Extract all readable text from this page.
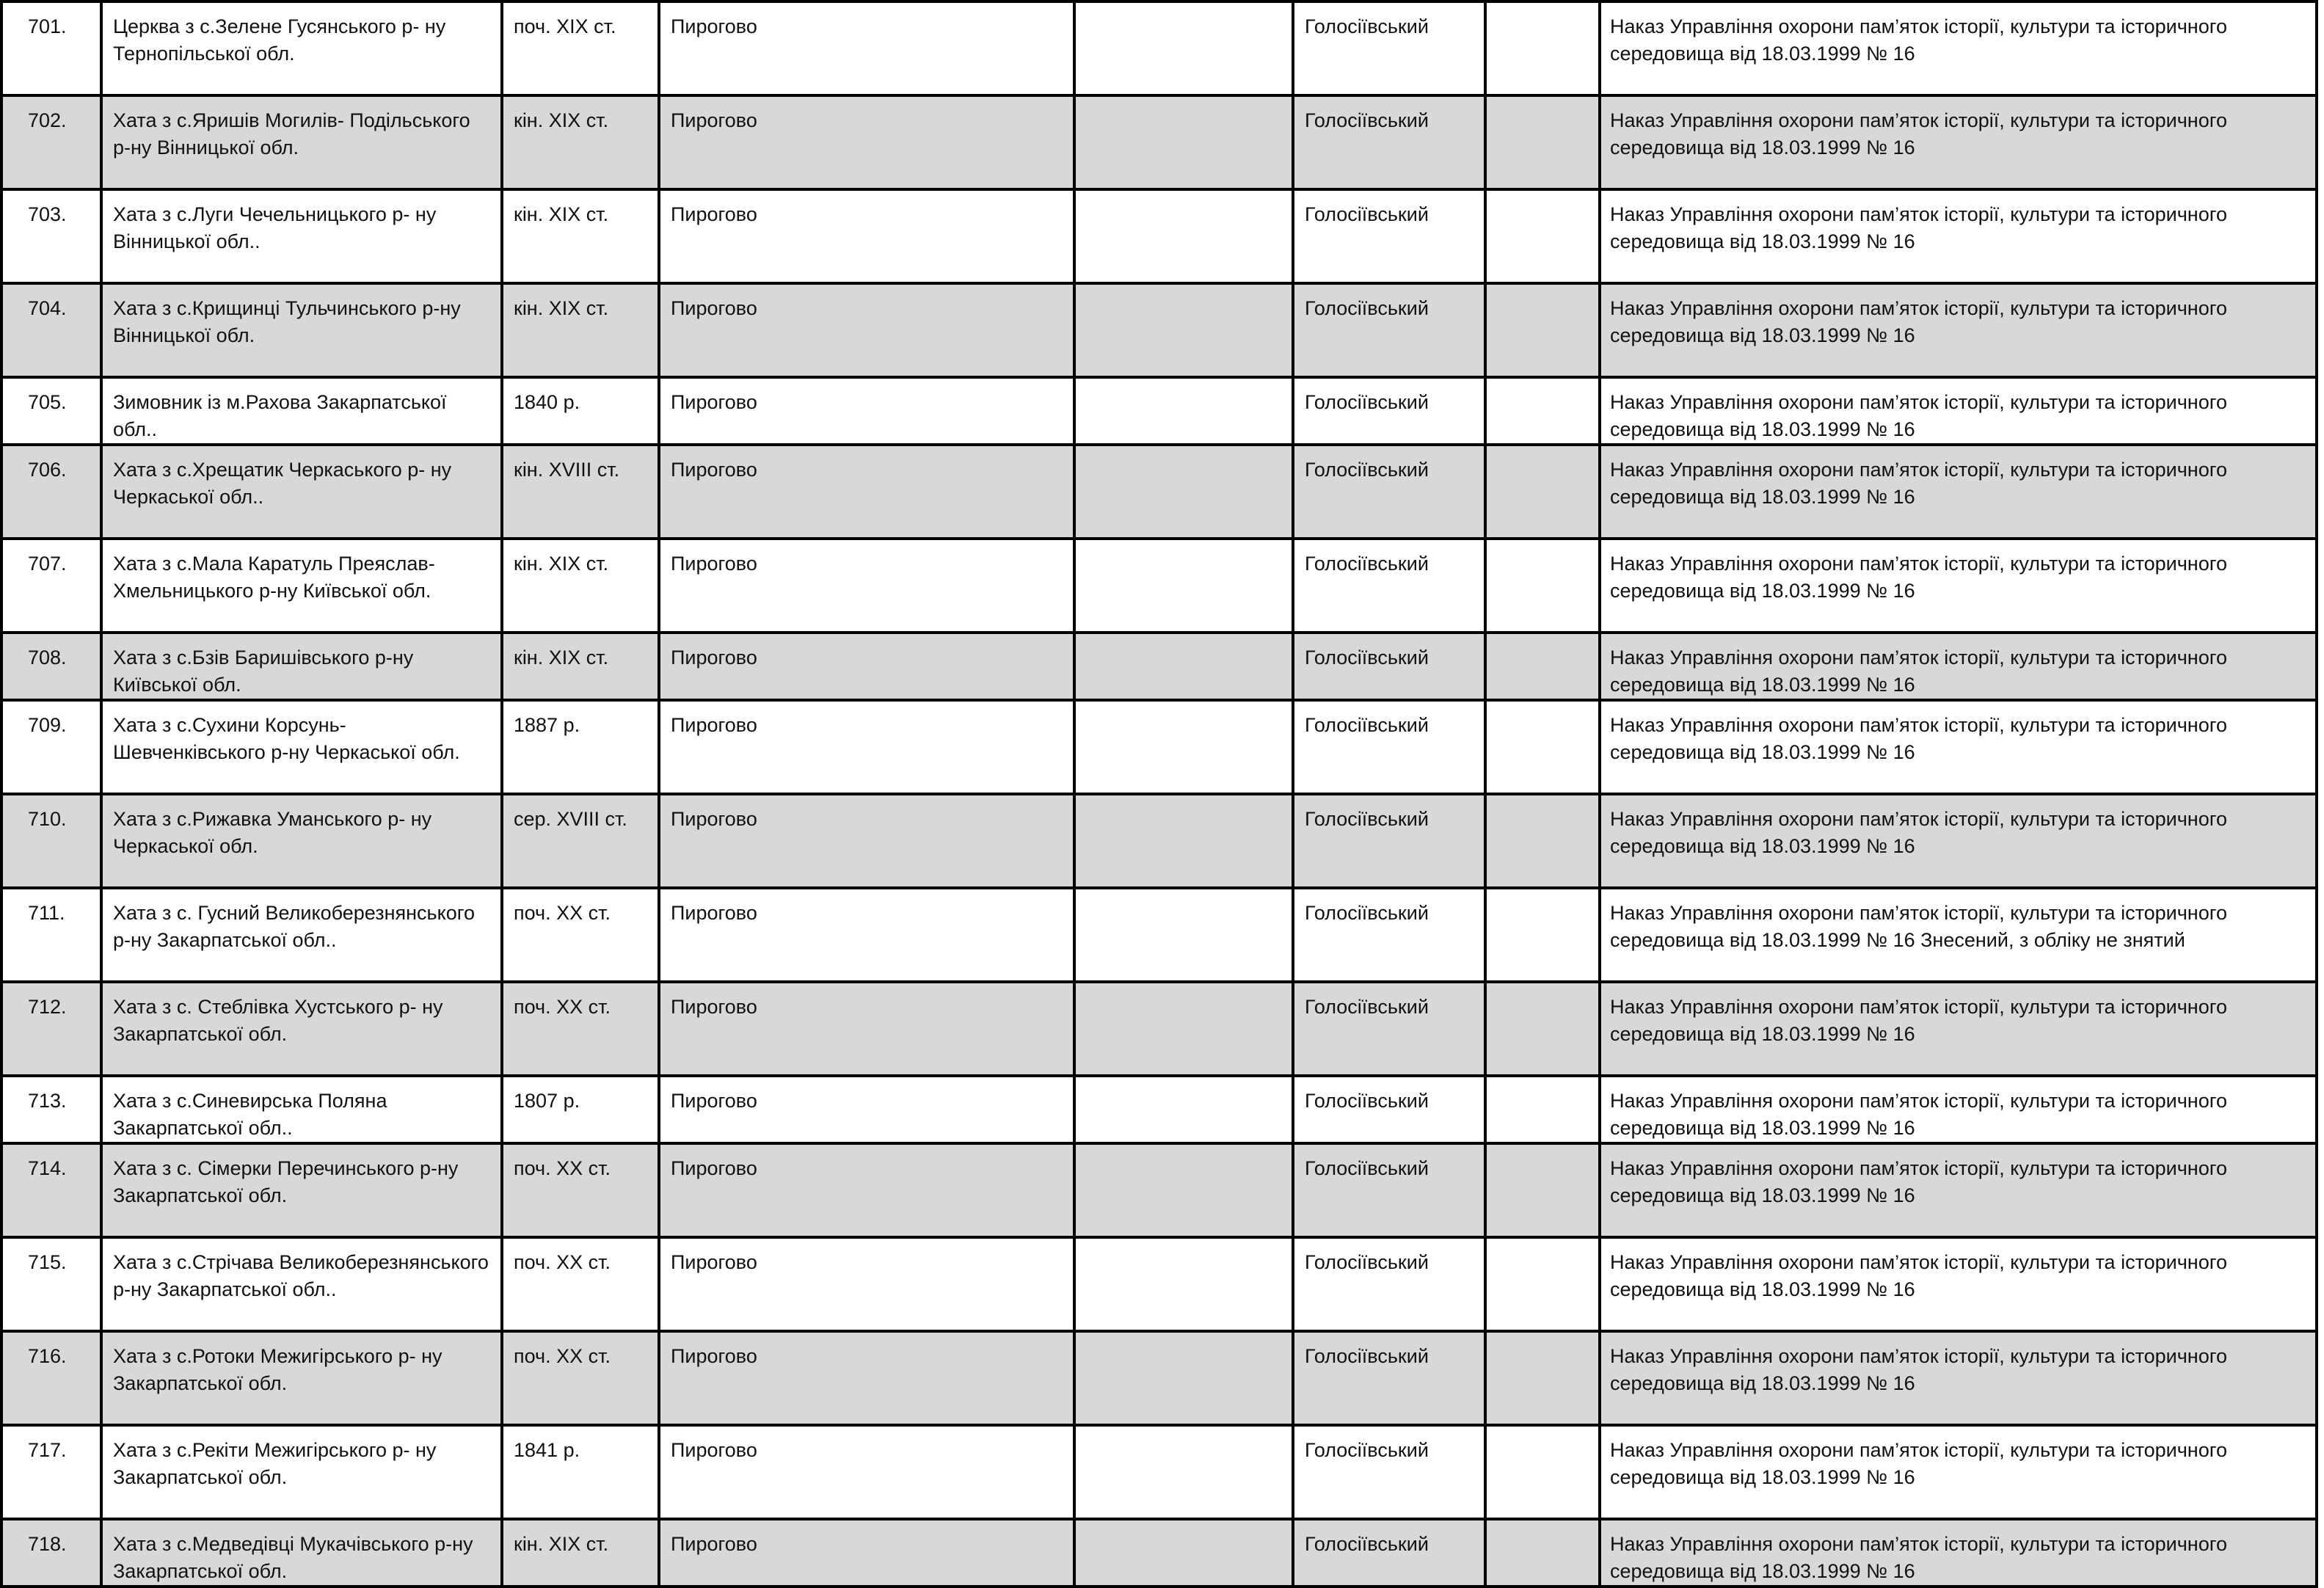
701.	Церква з с.Зелене Гусянського р- ну Тернопільської обл.	поч. ХІХ ст.	Пирогово		Голосіївський		Наказ Управління охорони пам’яток історії, культури та історичного середовища від 18.03.1999 № 16
702.	Хата з с.Яришів Могилів- Подільського р-ну Вінницької обл.	кін. ХІХ ст.	Пирогово		Голосіївський		Наказ Управління охорони пам’яток історії, культури та історичного середовища від 18.03.1999 № 16
703.	Хата з с.Луги Чечельницького р- ну Вінницької обл..	кін. ХІХ ст.	Пирогово		Голосіївський		Наказ Управління охорони пам’яток історії, культури та історичного середовища від 18.03.1999 № 16
704.	Хата з с.Крищинці Тульчинського р-ну Вінницької обл.	кін. ХІХ ст.	Пирогово		Голосіївський		Наказ Управління охорони пам’яток історії, культури та історичного середовища від 18.03.1999 № 16
705.	Зимовник із м.Рахова Закарпатської обл..	1840 р.	Пирогово		Голосіївський		Наказ Управління охорони пам’яток історії, культури та історичного середовища від 18.03.1999 № 16
706.	Хата з с.Хрещатик Черкаського р- ну Черкаської обл..	кін. XVIII ст.	Пирогово		Голосіївський		Наказ Управління охорони пам’яток історії, культури та історичного середовища від 18.03.1999 № 16
707.	Хата з с.Мала Каратуль Преяслав- Хмельницького р-ну Київської обл.	кін. ХІХ ст.	Пирогово		Голосіївський		Наказ Управління охорони пам’яток історії, культури та історичного середовища від 18.03.1999 № 16
708.	Хата з с.Бзів Баришівського р-ну Київської обл.	кін. ХІХ ст.	Пирогово		Голосіївський		Наказ Управління охорони пам’яток історії, культури та історичного середовища від 18.03.1999 № 16
709.	Хата з с.Сухини Корсунь- Шевченківського р-ну Черкаської обл.	1887 р.	Пирогово		Голосіївський		Наказ Управління охорони пам’яток історії, культури та історичного середовища від 18.03.1999 № 16
710.	Хата з с.Рижавка Уманського р- ну Черкаської обл.	сер. XVIII ст.	Пирогово		Голосіївський		Наказ Управління охорони пам’яток історії, культури та історичного середовища від 18.03.1999 № 16
711.	Хата з с. Гусний Великоберезнянського р-ну Закарпатської обл..	поч. ХХ ст.	Пирогово		Голосіївський		Наказ Управління охорони пам’яток історії, культури та історичного середовища від 18.03.1999 № 16 Знесений, з обліку не знятий
712.	Хата з с. Стеблівка Хустського р- ну Закарпатської обл.	поч. ХХ ст.	Пирогово		Голосіївський		Наказ Управління охорони пам’яток історії, культури та історичного середовища від 18.03.1999 № 16
713.	Хата з с.Синевирська Поляна Закарпатської обл..	1807 р.	Пирогово		Голосіївський		Наказ Управління охорони пам’яток історії, культури та історичного середовища від 18.03.1999 № 16
714.	Хата з с. Сімерки Перечинського р-ну Закарпатської обл.	поч. ХХ ст.	Пирогово		Голосіївський		Наказ Управління охорони пам’яток історії, культури та історичного середовища від 18.03.1999 № 16
715.	Хата з с.Стрічава Великоберезнянського р-ну Закарпатської обл..	поч. ХХ ст.	Пирогово		Голосіївський		Наказ Управління охорони пам’яток історії, культури та історичного середовища від 18.03.1999 № 16
716.	Хата з с.Ротоки Межигірського р- ну Закарпатської обл.	поч. ХХ ст.	Пирогово		Голосіївський		Наказ Управління охорони пам’яток історії, культури та історичного середовища від 18.03.1999 № 16
717.	Хата з с.Рекіти Межигірського р- ну Закарпатської обл.	1841 р.	Пирогово		Голосіївський		Наказ Управління охорони пам’яток історії, культури та історичного середовища від 18.03.1999 № 16
718.	Хата з с.Медведівці Мукачівського р-ну Закарпатської обл.	кін. ХІХ ст.	Пирогово		Голосіївський		Наказ Управління охорони пам’яток історії, культури та історичного середовища від 18.03.1999 № 16
